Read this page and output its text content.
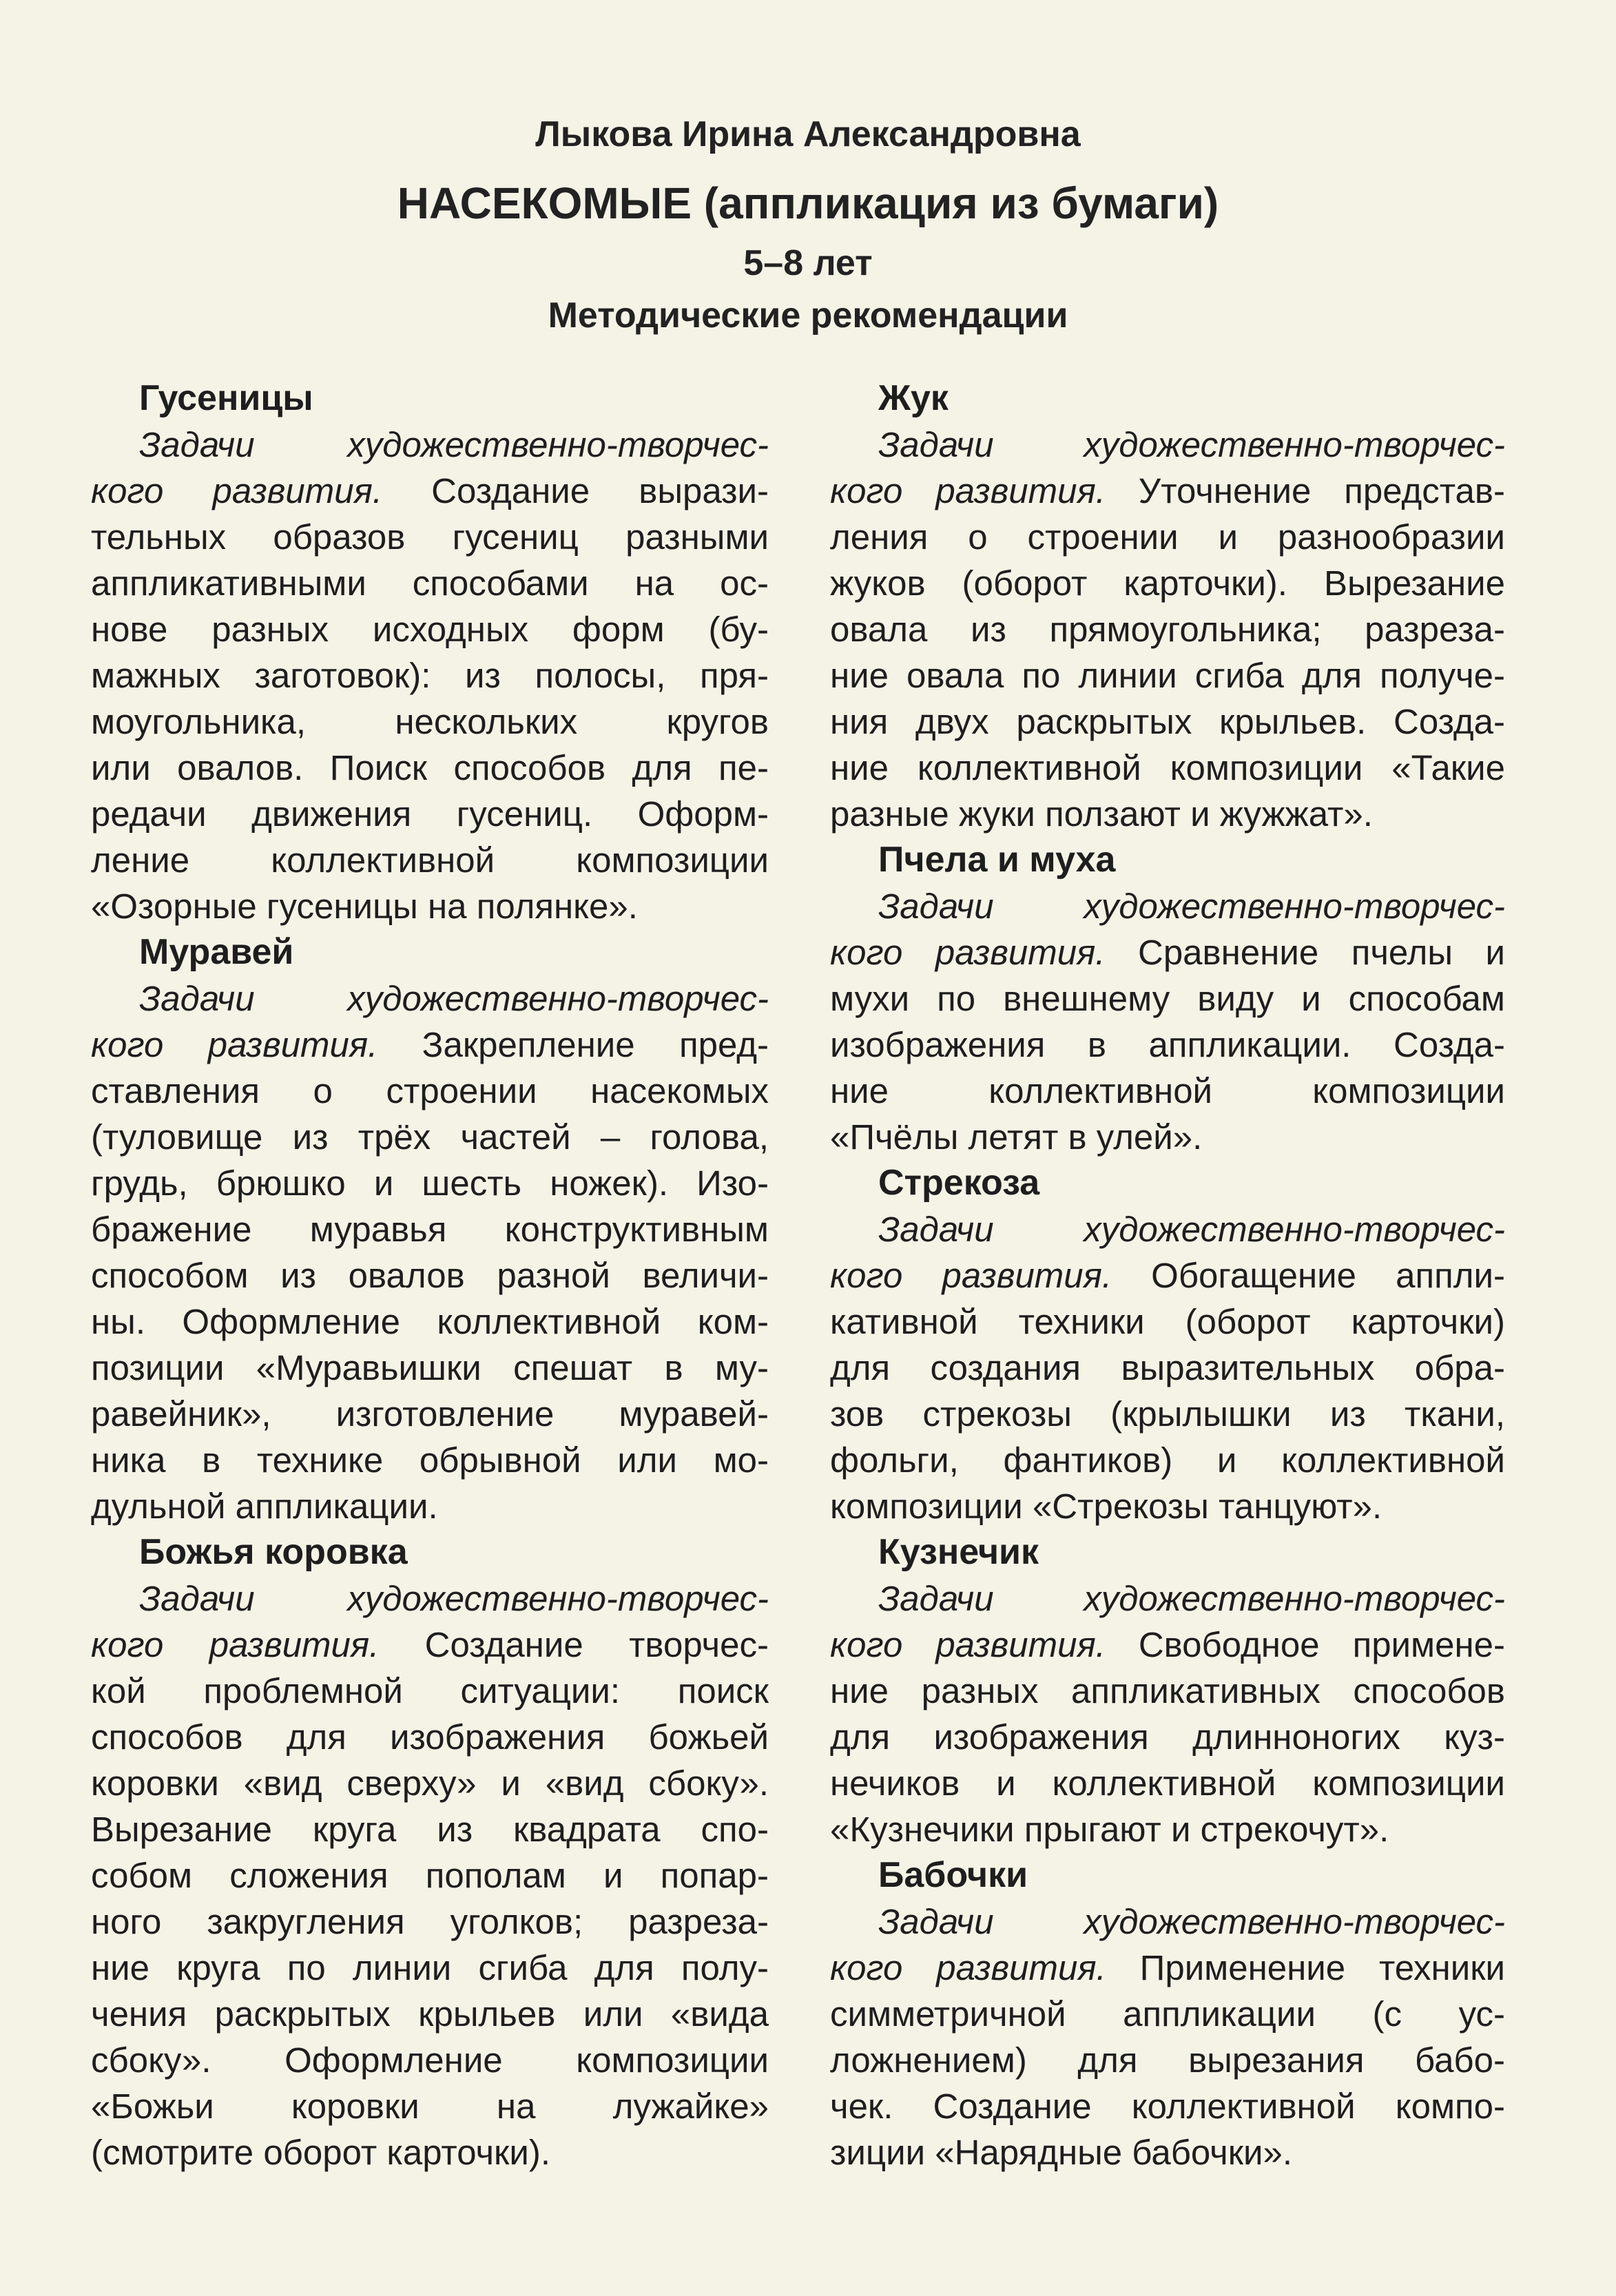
Лыкова Ирина Александровна
НАСЕКОМЫЕ (аппликация из бумаги)
5–8 лет
Методические рекомендации
Гусеницы
Задачи художественно-творчес-
кого развития. Создание вырази-
тельных образов гусениц разными
аппликативными способами на ос-
нове разных исходных форм (бу-
мажных заготовок): из полосы, пря-
моугольника, нескольких кругов
или овалов. Поиск способов для пе-
редачи движения гусениц. Оформ-
ление коллективной композиции
«Озорные гусеницы на полянке».
Муравей
Задачи художественно-творчес-
кого развития. Закрепление пред-
ставления о строении насекомых
(туловище из трёх частей – голова,
грудь, брюшко и шесть ножек). Изо-
бражение муравья конструктивным
способом из овалов разной величи-
ны. Оформление коллективной ком-
позиции «Муравьишки спешат в му-
равейник», изготовление муравей-
ника в технике обрывной или мо-
дульной аппликации.
Божья коровка
Задачи художественно-творчес-
кого развития. Создание творчес-
кой проблемной ситуации: поиск
способов для изображения божьей
коровки «вид сверху» и «вид сбоку».
Вырезание круга из квадрата спо-
собом сложения пополам и попар-
ного закругления уголков; разреза-
ние круга по линии сгиба для полу-
чения раскрытых крыльев или «вида
сбоку». Оформление композиции
«Божьи коровки на лужайке»
(смотрите оборот карточки).
Жук
Задачи художественно-творчес-
кого развития. Уточнение представ-
ления о строении и разнообразии
жуков (оборот карточки). Вырезание
овала из прямоугольника; разреза-
ние овала по линии сгиба для получе-
ния двух раскрытых крыльев. Созда-
ние коллективной композиции «Такие
разные жуки ползают и жужжат».
Пчела и муха
Задачи художественно-творчес-
кого развития. Сравнение пчелы и
мухи по внешнему виду и способам
изображения в аппликации. Созда-
ние коллективной композиции
«Пчёлы летят в улей».
Стрекоза
Задачи художественно-творчес-
кого развития. Обогащение аппли-
кативной техники (оборот карточки)
для создания выразительных обра-
зов стрекозы (крылышки из ткани,
фольги, фантиков) и коллективной
композиции «Стрекозы танцуют».
Кузнечик
Задачи художественно-творчес-
кого развития. Свободное примене-
ние разных аппликативных способов
для изображения длинноногих куз-
нечиков и коллективной композиции
«Кузнечики прыгают и стрекочут».
Бабочки
Задачи художественно-творчес-
кого развития. Применение техники
симметричной аппликации (с ус-
ложнением) для вырезания бабо-
чек. Создание коллективной компо-
зиции «Нарядные бабочки».
